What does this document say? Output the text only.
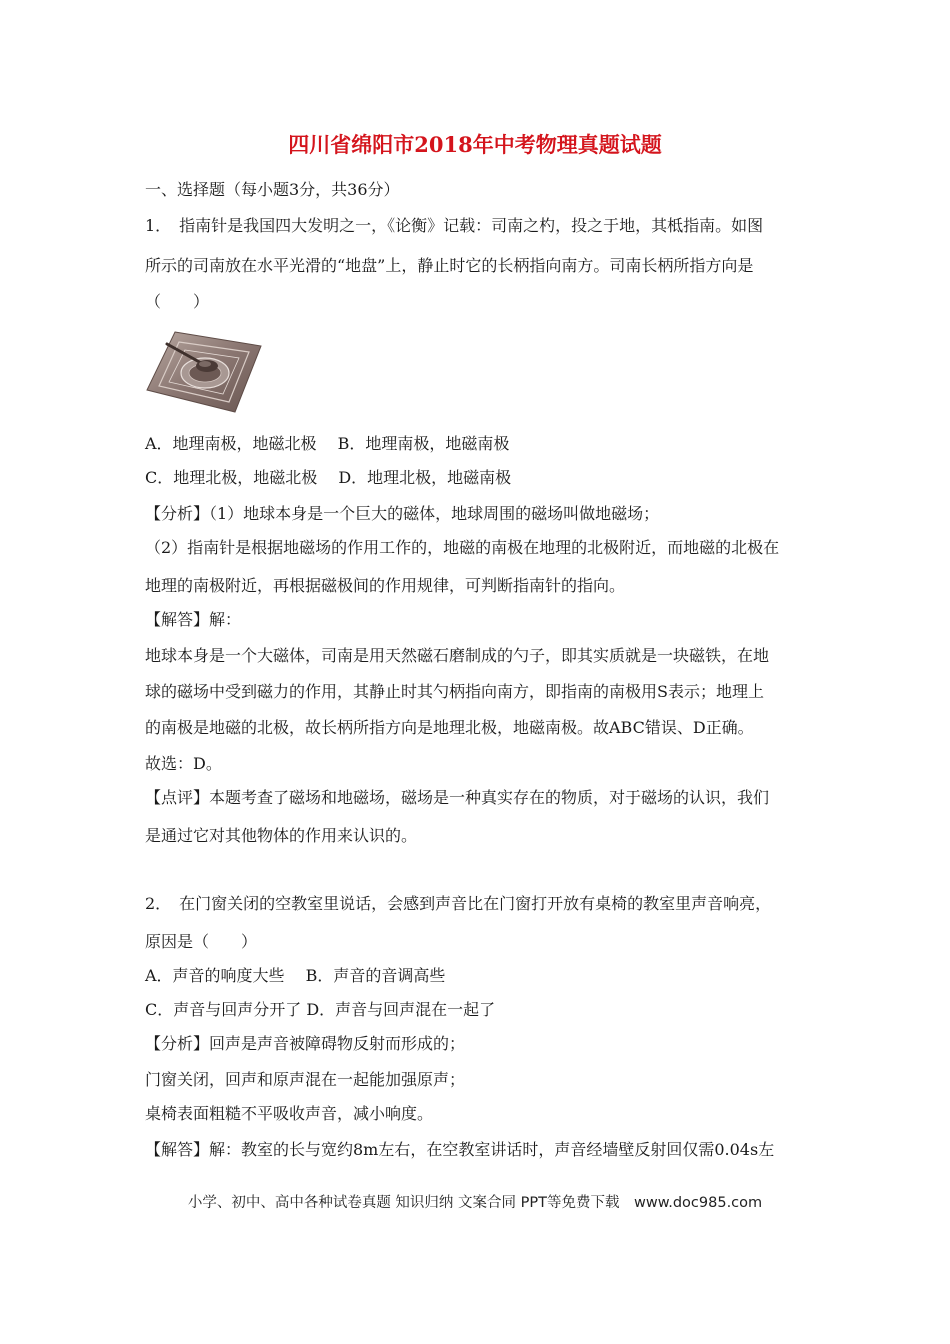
四川省绵阳市2018年中考物理真题试题
一、选择题（每小题3分，共36分）
1．　指南针是我国四大发明之一，《论衡》记载：司南之杓，投之于地，其柢指南。如图
所示的司南放在水平光滑的“地盘”上，静止时它的长柄指向南方。司南长柄所指方向是
（　　）
A．地理南极，地磁北极　 B．地理南极，地磁南极
C．地理北极，地磁北极　 D．地理北极，地磁南极
【分析】（1）地球本身是一个巨大的磁体，地球周围的磁场叫做地磁场；
（2）指南针是根据地磁场的作用工作的，地磁的南极在地理的北极附近，而地磁的北极在
地理的南极附近，再根据磁极间的作用规律，可判断指南针的指向。
【解答】解：
地球本身是一个大磁体，司南是用天然磁石磨制成的勺子，即其实质就是一块磁铁，在地
球的磁场中受到磁力的作用，其静止时其勺柄指向南方，即指南的南极用S表示；地理上
的南极是地磁的北极，故长柄所指方向是地理北极，地磁南极。故ABC错误、D正确。
故选：D。
【点评】本题考查了磁场和地磁场，磁场是一种真实存在的物质，对于磁场的认识，我们
是通过它对其他物体的作用来认识的。
2．　在门窗关闭的空教室里说话，会感到声音比在门窗打开放有桌椅的教室里声音响亮，
原因是（　　）
A．声音的响度大些　 B．声音的音调高些
C．声音与回声分开了 D．声音与回声混在一起了
【分析】回声是声音被障碍物反射而形成的；
门窗关闭，回声和原声混在一起能加强原声；
桌椅表面粗糙不平吸收声音，减小响度。
【解答】解：教室的长与宽约8m左右，在空教室讲话时，声音经墙壁反射回仅需0.04s左
小学、初中、高中各种试卷真题 知识归纳 文案合同 PPT等免费下载　www.doc985.com
